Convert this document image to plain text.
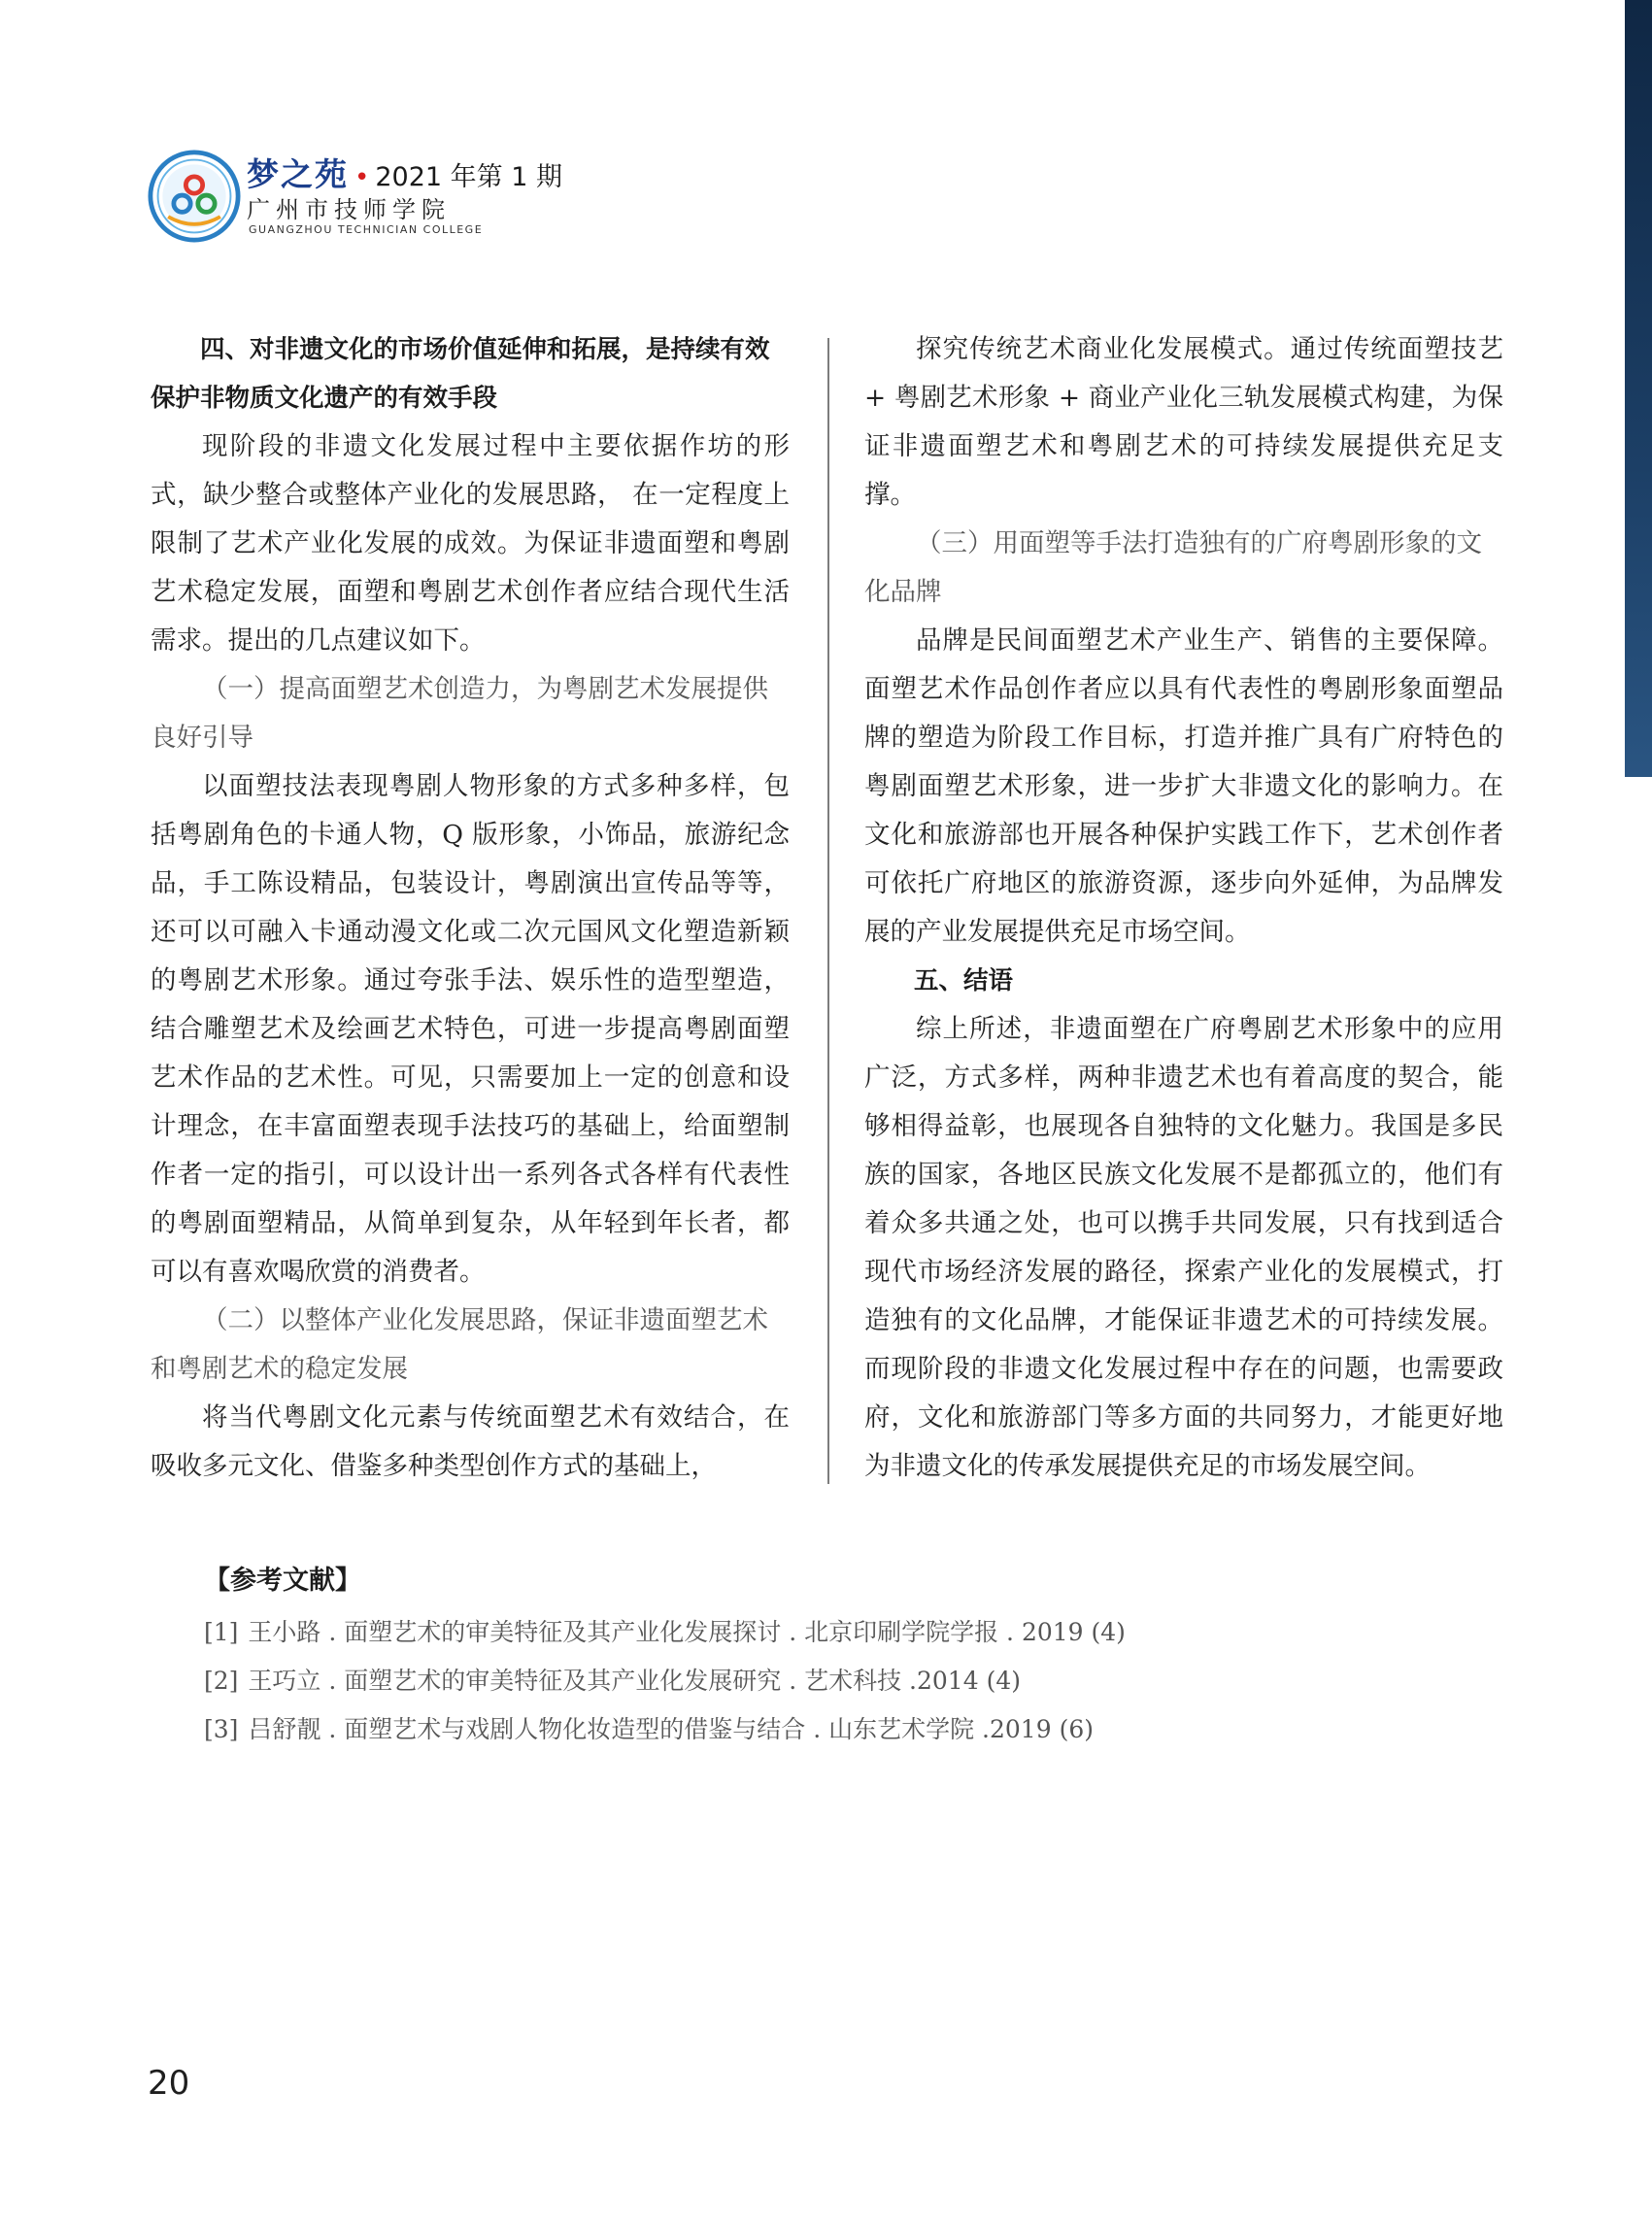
梦之苑 • 2021 年第 1 期
广州市技师学院
GUANGZHOU TECHNICIAN COLLEGE

四、对非遗文化的市场价值延伸和拓展，是持续有效保护非物质文化遗产的有效手段

现阶段的非遗文化发展过程中主要依据作坊的形式，缺少整合或整体产业化的发展思路， 在一定程度上限制了艺术产业化发展的成效。为保证非遗面塑和粤剧艺术稳定发展，面塑和粤剧艺术创作者应结合现代生活需求。提出的几点建议如下。

（一）提高面塑艺术创造力，为粤剧艺术发展提供良好引导

以面塑技法表现粤剧人物形象的方式多种多样，包括粤剧角色的卡通人物，Q 版形象，小饰品，旅游纪念品，手工陈设精品，包装设计，粤剧演出宣传品等等，还可以可融入卡通动漫文化或二次元国风文化塑造新颖的粤剧艺术形象。通过夸张手法、娱乐性的造型塑造，结合雕塑艺术及绘画艺术特色，可进一步提高粤剧面塑艺术作品的艺术性。可见，只需要加上一定的创意和设计理念，在丰富面塑表现手法技巧的基础上，给面塑制作者一定的指引，可以设计出一系列各式各样有代表性的粤剧面塑精品，从简单到复杂，从年轻到年长者，都可以有喜欢喝欣赏的消费者。

（二）以整体产业化发展思路，保证非遗面塑艺术和粤剧艺术的稳定发展

将当代粤剧文化元素与传统面塑艺术有效结合，在吸收多元文化、借鉴多种类型创作方式的基础上，

探究传统艺术商业化发展模式。通过传统面塑技艺 + 粤剧艺术形象 + 商业产业化三轨发展模式构建，为保证非遗面塑艺术和粤剧艺术的可持续发展提供充足支撑。

（三）用面塑等手法打造独有的广府粤剧形象的文化品牌

品牌是民间面塑艺术产业生产、销售的主要保障。面塑艺术作品创作者应以具有代表性的粤剧形象面塑品牌的塑造为阶段工作目标，打造并推广具有广府特色的粤剧面塑艺术形象，进一步扩大非遗文化的影响力。在文化和旅游部也开展各种保护实践工作下，艺术创作者可依托广府地区的旅游资源，逐步向外延伸，为品牌发展的产业发展提供充足市场空间。

五、结语

综上所述，非遗面塑在广府粤剧艺术形象中的应用广泛，方式多样，两种非遗艺术也有着高度的契合，能够相得益彰，也展现各自独特的文化魅力。我国是多民族的国家，各地区民族文化发展不是都孤立的，他们有着众多共通之处，也可以携手共同发展，只有找到适合现代市场经济发展的路径，探索产业化的发展模式，打造独有的文化品牌，才能保证非遗艺术的可持续发展。而现阶段的非遗文化发展过程中存在的问题，也需要政府，文化和旅游部门等多方面的共同努力，才能更好地为非遗文化的传承发展提供充足的市场发展空间。

【参考文献】

[1] 王小路 . 面塑艺术的审美特征及其产业化发展探讨 . 北京印刷学院学报 . 2019 (4)

[2] 王巧立 . 面塑艺术的审美特征及其产业化发展研究 . 艺术科技 .2014 (4)

[3] 吕舒靓 . 面塑艺术与戏剧人物化妆造型的借鉴与结合 . 山东艺术学院 .2019 (6)

20
